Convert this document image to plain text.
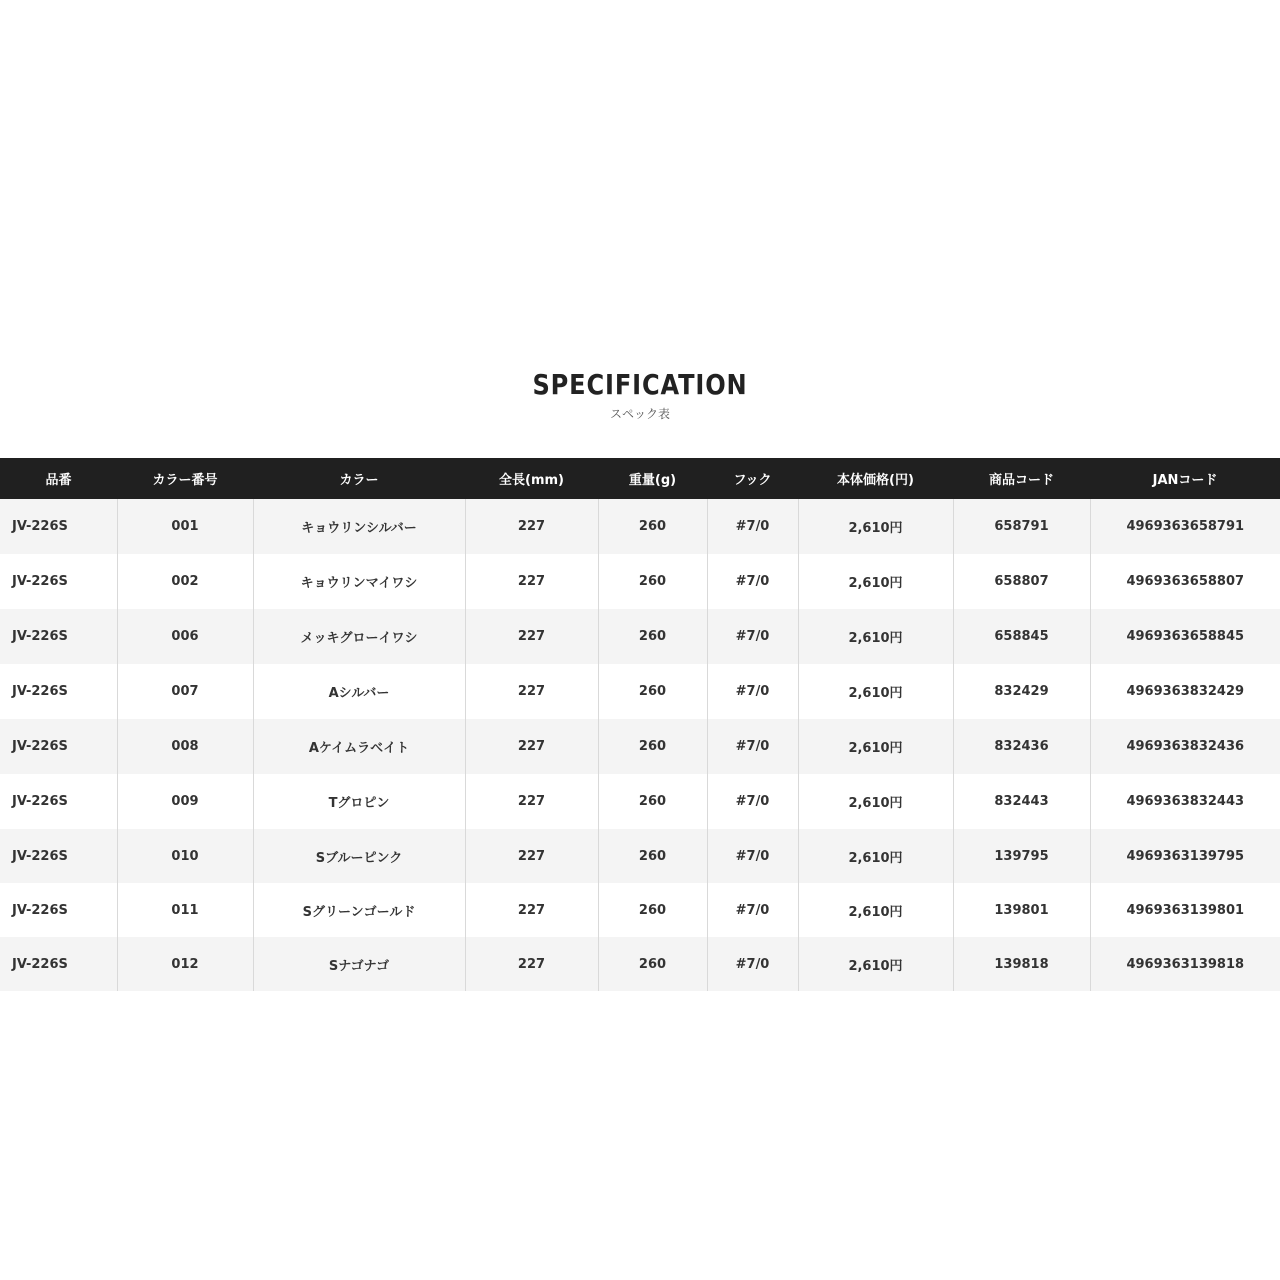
SPECIFICATION
スペック表
品番	カラー番号	カラー	全長(mm)	重量(g)	フック	本体価格(円)	商品コード	JANコード
JV-226S	001	キョウリンシルバー	227	260	#7/0	2,610円	658791	4969363658791
JV-226S	002	キョウリンマイワシ	227	260	#7/0	2,610円	658807	4969363658807
JV-226S	006	メッキグローイワシ	227	260	#7/0	2,610円	658845	4969363658845
JV-226S	007	Aシルバー	227	260	#7/0	2,610円	832429	4969363832429
JV-226S	008	Aケイムラベイト	227	260	#7/0	2,610円	832436	4969363832436
JV-226S	009	Tグロピン	227	260	#7/0	2,610円	832443	4969363832443
JV-226S	010	Sブルーピンク	227	260	#7/0	2,610円	139795	4969363139795
JV-226S	011	Sグリーンゴールド	227	260	#7/0	2,610円	139801	4969363139801
JV-226S	012	Sナゴナゴ	227	260	#7/0	2,610円	139818	4969363139818
